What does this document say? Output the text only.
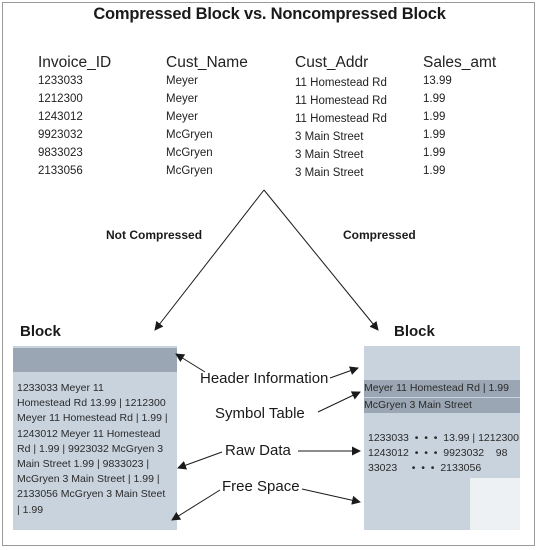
Compressed Block vs. Noncompressed Block
Invoice_ID	Cust_Name	Cust_Addr	Sales_amt
1233033	Meyer	11 Homestead Rd	13.99
1212300	Meyer	11 Homestead Rd	1.99
1243012	Meyer	11 Homestead Rd	1.99
9923032	McGryen	3 Main Street	1.99
9833023	McGryen	3 Main Street	1.99
2133056	McGryen	3 Main Street	1.99
Not Compressed	Compressed
Block	Block
1233033 Meyer 11
Homestead Rd 13.99 | 1212300
Meyer 11 Homestead Rd | 1.99 |
1243012 Meyer 11 Homestead
Rd | 1.99 | 9923032 McGryen 3
Main Street 1.99 | 9833023 |
McGryen 3 Main Street | 1.99 |
2133056 McGryen 3 Main Steet
| 1.99
Meyer 11 Homestead Rd | 1.99
McGryen 3 Main Street
1233033  •  •  •  13.99 | 1212300
1243012  •  •  •  9923032    98
33023     •  •  •  2133056
Header Information
Symbol Table
Raw Data
Free Space
